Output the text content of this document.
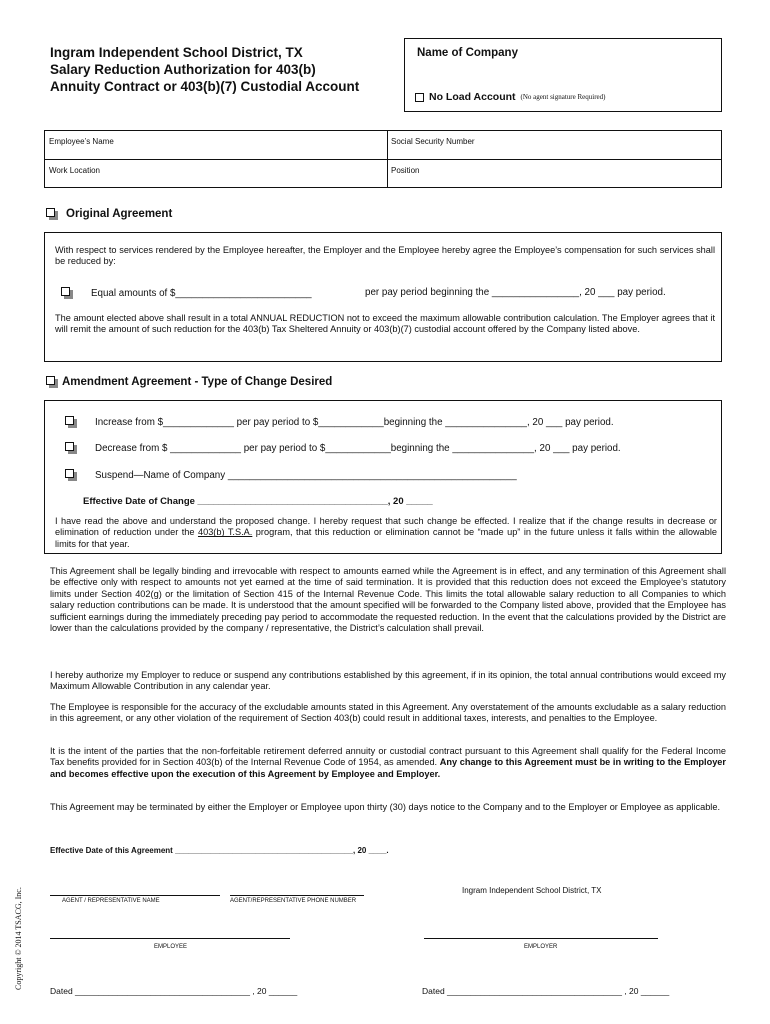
Ingram Independent School District, TX
Salary Reduction Authorization for 403(b)
Annuity Contract or 403(b)(7) Custodial Account
Name of Company
No Load Account (No agent signature Required)
Employee’s Name	Social Security Number
Work Location	Position
Original Agreement
With respect to services rendered by the Employee hereafter, the Employer and the Employee hereby agree the Employee’s compensation for such services shall be reduced by:
Equal amounts of $_________________________	per pay period beginning the ________________, 20 ___ pay period.
The amount elected above shall result in a total ANNUAL REDUCTION not to exceed the maximum allowable contribution calculation. The Employer agrees that it will remit the amount of such reduction for the 403(b) Tax Sheltered Annuity or 403(b)(7) custodial account offered by the Company listed above.
Amendment Agreement - Type of Change Desired
Increase from $_____________ per pay period to $____________beginning the _______________, 20 ___ pay period.
Decrease from $ _____________ per pay period to $____________beginning the _______________, 20 ___ pay period.
Suspend—Name of Company _____________________________________________________
Effective Date of Change ____________________________________, 20 _____
I have read the above and understand the proposed change. I hereby request that such change be effected. I realize that if the change results in decrease or elimination of reduction under the 403(b) T.S.A. program, that this reduction or elimination cannot be “made up” in the future unless it falls within the allowable limits for that year.
This Agreement shall be legally binding and irrevocable with respect to amounts earned while the Agreement is in effect, and any termination of this Agreement shall be effective only with respect to amounts not yet earned at the time of said termination. It is provided that this reduction does not exceed the Employee’s statutory limits under Section 402(g) or the limitation of Section 415 of the Internal Revenue Code. This limits the total allowable salary reduction to all Companies to which salary reduction contributions can be made. It is understood that the amount specified will be forwarded to the Company listed above, provided that the Employee has sufficient earnings during the immediately preceding pay period to accommodate the requested reduction. In the event that the calculations provided by the District are lower than the calculations provided by the company / representative, the District’s calculation shall prevail.
I hereby authorize my Employer to reduce or suspend any contributions established by this agreement, if in its opinion, the total annual contributions would exceed my Maximum Allowable Contribution in any calendar year.
The Employee is responsible for the accuracy of the excludable amounts stated in this Agreement. Any overstatement of the amounts excludable as a salary reduction in this agreement, or any other violation of the requirement of Section 403(b) could result in additional taxes, interests, and penalties to the Employee.
It is the intent of the parties that the non-forfeitable retirement deferred annuity or custodial contract pursuant to this Agreement shall qualify for the Federal Income Tax benefits provided for in Section 403(b) of the Internal Revenue Code of 1954, as amended. Any change to this Agreement must be in writing to the Employer and becomes effective upon the execution of this Agreement by Employee and Employer.
This Agreement may be terminated by either the Employer or Employee upon thirty (30) days notice to the Company and to the Employer or Employee as applicable.
Effective Date of this Agreement ________________________________________, 20 ____.
AGENT / REPRESENTATIVE NAME	AGENT/REPRESENTATIVE PHONE NUMBER
Ingram Independent School District, TX
EMPLOYEE	EMPLOYER
Dated _____________________________________ , 20 ______	Dated _____________________________________ , 20 ______
Copyright © 2014 TSACG, Inc.
